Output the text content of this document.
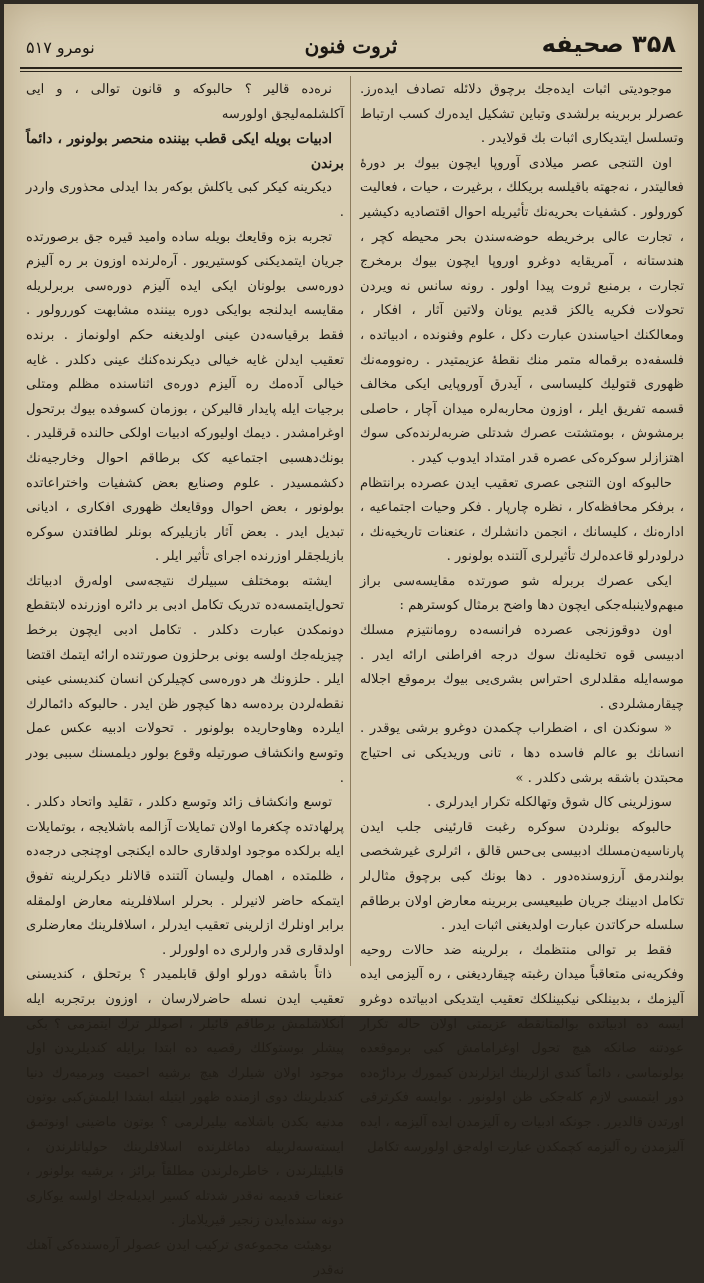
۳۵۸ صحیفه
ثروت فنون
نومرو ۵۱۷

موجودیتی اثبات ایدەجك برچوق دلائله تصادف ایدەرز. عصرلر بربرینه برلشدی وتباین تشکیل ایدەرك کسب ارتباط وتسلسل ایتدیکاری اثبات بك قولایدر .

اون التنجی عصر میلادی آوروپا ایچون بیوك بر دورۀ فعالیتدر ، نەجهتە باقیلسه بریکلك ، برغیرت ، حیات ، فعالیت کورولور . کشفیات بحریەنك تأثیریله احوال اقتصادیه دکیشیر ، تجارت عالی برخریطه حوضەسندن بحر محیطه کچر ، هندستانه ، آمریقایه دوغرو اوروپا ایچون بیوك برمخرج تجارت ، برمنبع ثروت پیدا اولور . رونه سانس نه ویردن تحولات فکریه یالکز قدیم یونان ولاتین آثار ، افکار ، ومعالکنك احیاسندن عبارت دکل ، علوم وفنونده ، ادبیاتده ، فلسفەده برقماله متمر منك نقطۀ عزیمتیدر . رەنوومەنك ظهوری قتولیك کلیساسی ، آیدرق آوروپایی ایکی مخالف قسمه تفریق ایلر ، اوزون محاربه‌لره میدان آچار ، حاصلی برمشوش ، بومتشتت عصرك شدتلی ضربه‌لرنده‌کی سوك اهتزازلر سوکره‌کی عصره قدر امتداد ایدوب کیدر .

حالبوکه اون التنجی عصری تعقیب ایدن عصرده برانتظام ، برفکر محافظه‌کار ، نظره چارپار . فکر وحیات اجتماعیه ، ادارەنك ، کلیسانك ، انجمن دانشلرك ، عنعنات تاریخیەنك ، درلودرلو قاعده‌لرك تأثیرلری آلتنده بولونور .

ایکی عصرك بربرله شو صورتده مقایسه‌سی براز مبهم‌ولاینبلەجکی ایچون دها واضح برمثال کوسترهم :

اون دوقوزنجی عصرده فرانسه‌ده رومانتیزم مسلك ادبیسی قوه تخلیه‌نك سوك درجه افراطنی ارائه ایدر . موسه‌ایله مقلدلری احتراس بشری‌یی بیوك برموقع اجلاله چیقارمشلردی .

« سونکدن ای ، اضطراب چکمدن دوغرو برشی یوقدر . انسانك بو عالم فاسده دها ، تانی وریدیکی نی احتیاج محبتدن باشقه برشی دکلدر . »

سوزلرینی کال شوق وتهالکله تکرار ایدرلری .

حالبوکه بونلردن سوکره رغبت قارئینی جلب ایدن پارناسیەن‌مسلك ادبیسی بی‌حس قالق ، اثرلری غیرشخصی بولندرمق آرزوسنده‌دور . دها بونك کبی برچوق مثال‌لر تکامل ادبینك جریان طبیعیسی بربرینه معارض اولان برطاقم سلسله حرکاتدن عبارت اولدیغنی اثبات ایدر .

فقط بر توالی منتظمك ، برلرینه ضد حالات روحیه وفکریه‌نی متعاقباً میدان رغبته چیقاردیغنی ، ره آلیزمی ایده آلیزمك ، بدبینلکی نیکبینلکك تعقیب ایتدیکی ادبیاتده دوغرو ایسه ده ادبیاتده بوالمتانقطه عزیمتی اولان حاله تکرار عودتنه صانکه هیچ تحول اوغرامامش کبی برموقعده بولونماسی ، دائماً کندی ازلرینك ایزلرندن کیمورك برداڑه‌ده دور ایتمسی لازم کلەجکی ظن اولونور . بوایسه فکرترقی اورتدن قالدیرر . جونکه ادبیات ره آلیزمدن ایده آلیزمه ، ایده آلیزمدن ره آلیزمه کچمکدن عبارت اولەجق اولورسه تکامل

نره‌ده قالیر ؟ حالبوکه و قانون توالی ، و ایی آکلشلمه‌لیجق اولورسه

ادبیات بویله ایکی قطب بیننده منحصر بولونور ، دائماً برندن

دیکرینه کیکر کبی یاکلش بوکه‌ر بدا ایدلی محذوری واردر .

تجربه بزه وقایعك بویله ساده وامید قیره جق برصورتده جریان ایتمدیکنی کوستیریور . آرەلرندە اوزون بر ره آلیزم دورەسی بولونان ایکی ایده آلیزم دورەسی بربرلریله مقایسه ایدلنجه بوایکی دوره بیننده مشابهت کوررولور . فقط برقیاسەدن عینی اولدیغنه حکم اولونماز . برنده تعقیب ایدلن غایه خیالی دیکرنده‌کنك عینی دکلدر . غایه خیالی آدەمك رە آلیزم دورە‌ی اثناسنده مظلم ومتلی برجیات ایله پایدار قالیرکن ، بوزمان کسوفده بیوك برتحول اوغرامشدر . دیمك اولیورکه ادبیات اولکی حالنده قرقلیدر . بونك‌دهسبی‌ اجتماعیه کک برطاقم احوال وخارجیەنك دکشمسیدر . علوم وصنایع بعض کشفیات واختراعاتده بولونور ، بعض احوال ووقایعك ظهوری افکاری ، ادیانی تبدیل ایدر . بعض آثار بازیلیرکه بونلر لطافتدن سوکره بازیلجقلر اوزرنده اجرای تأثیر ایلر .

ایشته بومختلف سبیلرك نتیجه‌سی اوله‌رق ادبیاتك تحول‌ایتمسه‌ده تدریک تکامل ادبی بر دائره اوزرنده لابتقطع دونمکدن عبارت دکلدر . تکامل ادبی ایچون برخط چیزیله‌جك اولسه بونی برحلزون صورتنده ارائه ایتمك اقتضا ایلر . حلزونك هر دوره‌سی کچیلرکن انسان کندیسنی عینی نقطه‌لردن برده‌سه دها کیچور ظن ایدر . حالبوکه دائمالرك ایلرده وهاوحاریده بولونور . تحولات ادبیه عکس عمل وتوسع وانکشاف صورتیله وقوع بولور دیلمسنك سببی بودر .

توسع وانکشاف زائد وتوسع دکلدر ، تقلید واتحاد دکلدر . پرلهادتده چکغرما اولان تمایلات آزالمه باشلایجه ، بوتمایلات ایله برلکده موجود اولدقاری حالده ایکنجی اوچنجی درجه‌ده ، ظلمتده ، اهمال ولیسان آلتنده قالانلر دیکرلرینه تفوق ایتمکه حاضر لانیرلر . بحرلر اسلافلرینه معارض اولمقله برابر اونلرك ازلرینی تعقیب ایدرلر ، اسلافلرینك معارضلری اولدقاری قدر وارلری ده اولورلر .

ذاتاً باشقه دورلو اولق قابلمیدر ؟ برتحلق ، کندیسنی تعقیب ایدن نسله حاضرلارسان ، اوزون برتجربه ایله آنکلاشلمش برطاقم قائیلر ، اصوللر ترك ایتمزمی ؟ بکی پیشلر بوستوکلك رقصیه ده ابتدا برایله کندیلریدن اول موجود اولان شیلرك هیچ برشیه احمیت وبرمیەرك دنیا کندیلرینك دوی ازمنده ظهور ایتیله ابشدا ایلمش‌کبی بوتون مدنیه بکدن باشلامه بیلیرلرمی ؟ بوتون ماضینی اونوتمق ایستەسه‌لربیله دماغلرنده اسلافلرینك حولیاتلرندن ، قابلیتلرندن ، خاطره‌لرندن مطلقاً برائز ، برشیه بولونور ، عنعنات قدیمه نه‌قدر شدتله کسیر ایدیلە‌جك اولسه یوکاری دونه سنده‌ایدن زنجیر قیریلاماز .

بوهیئت مجموعه‌ی ترکیب ایدن عصولر آره‌سنده‌کی آهنك نه‌قدر
